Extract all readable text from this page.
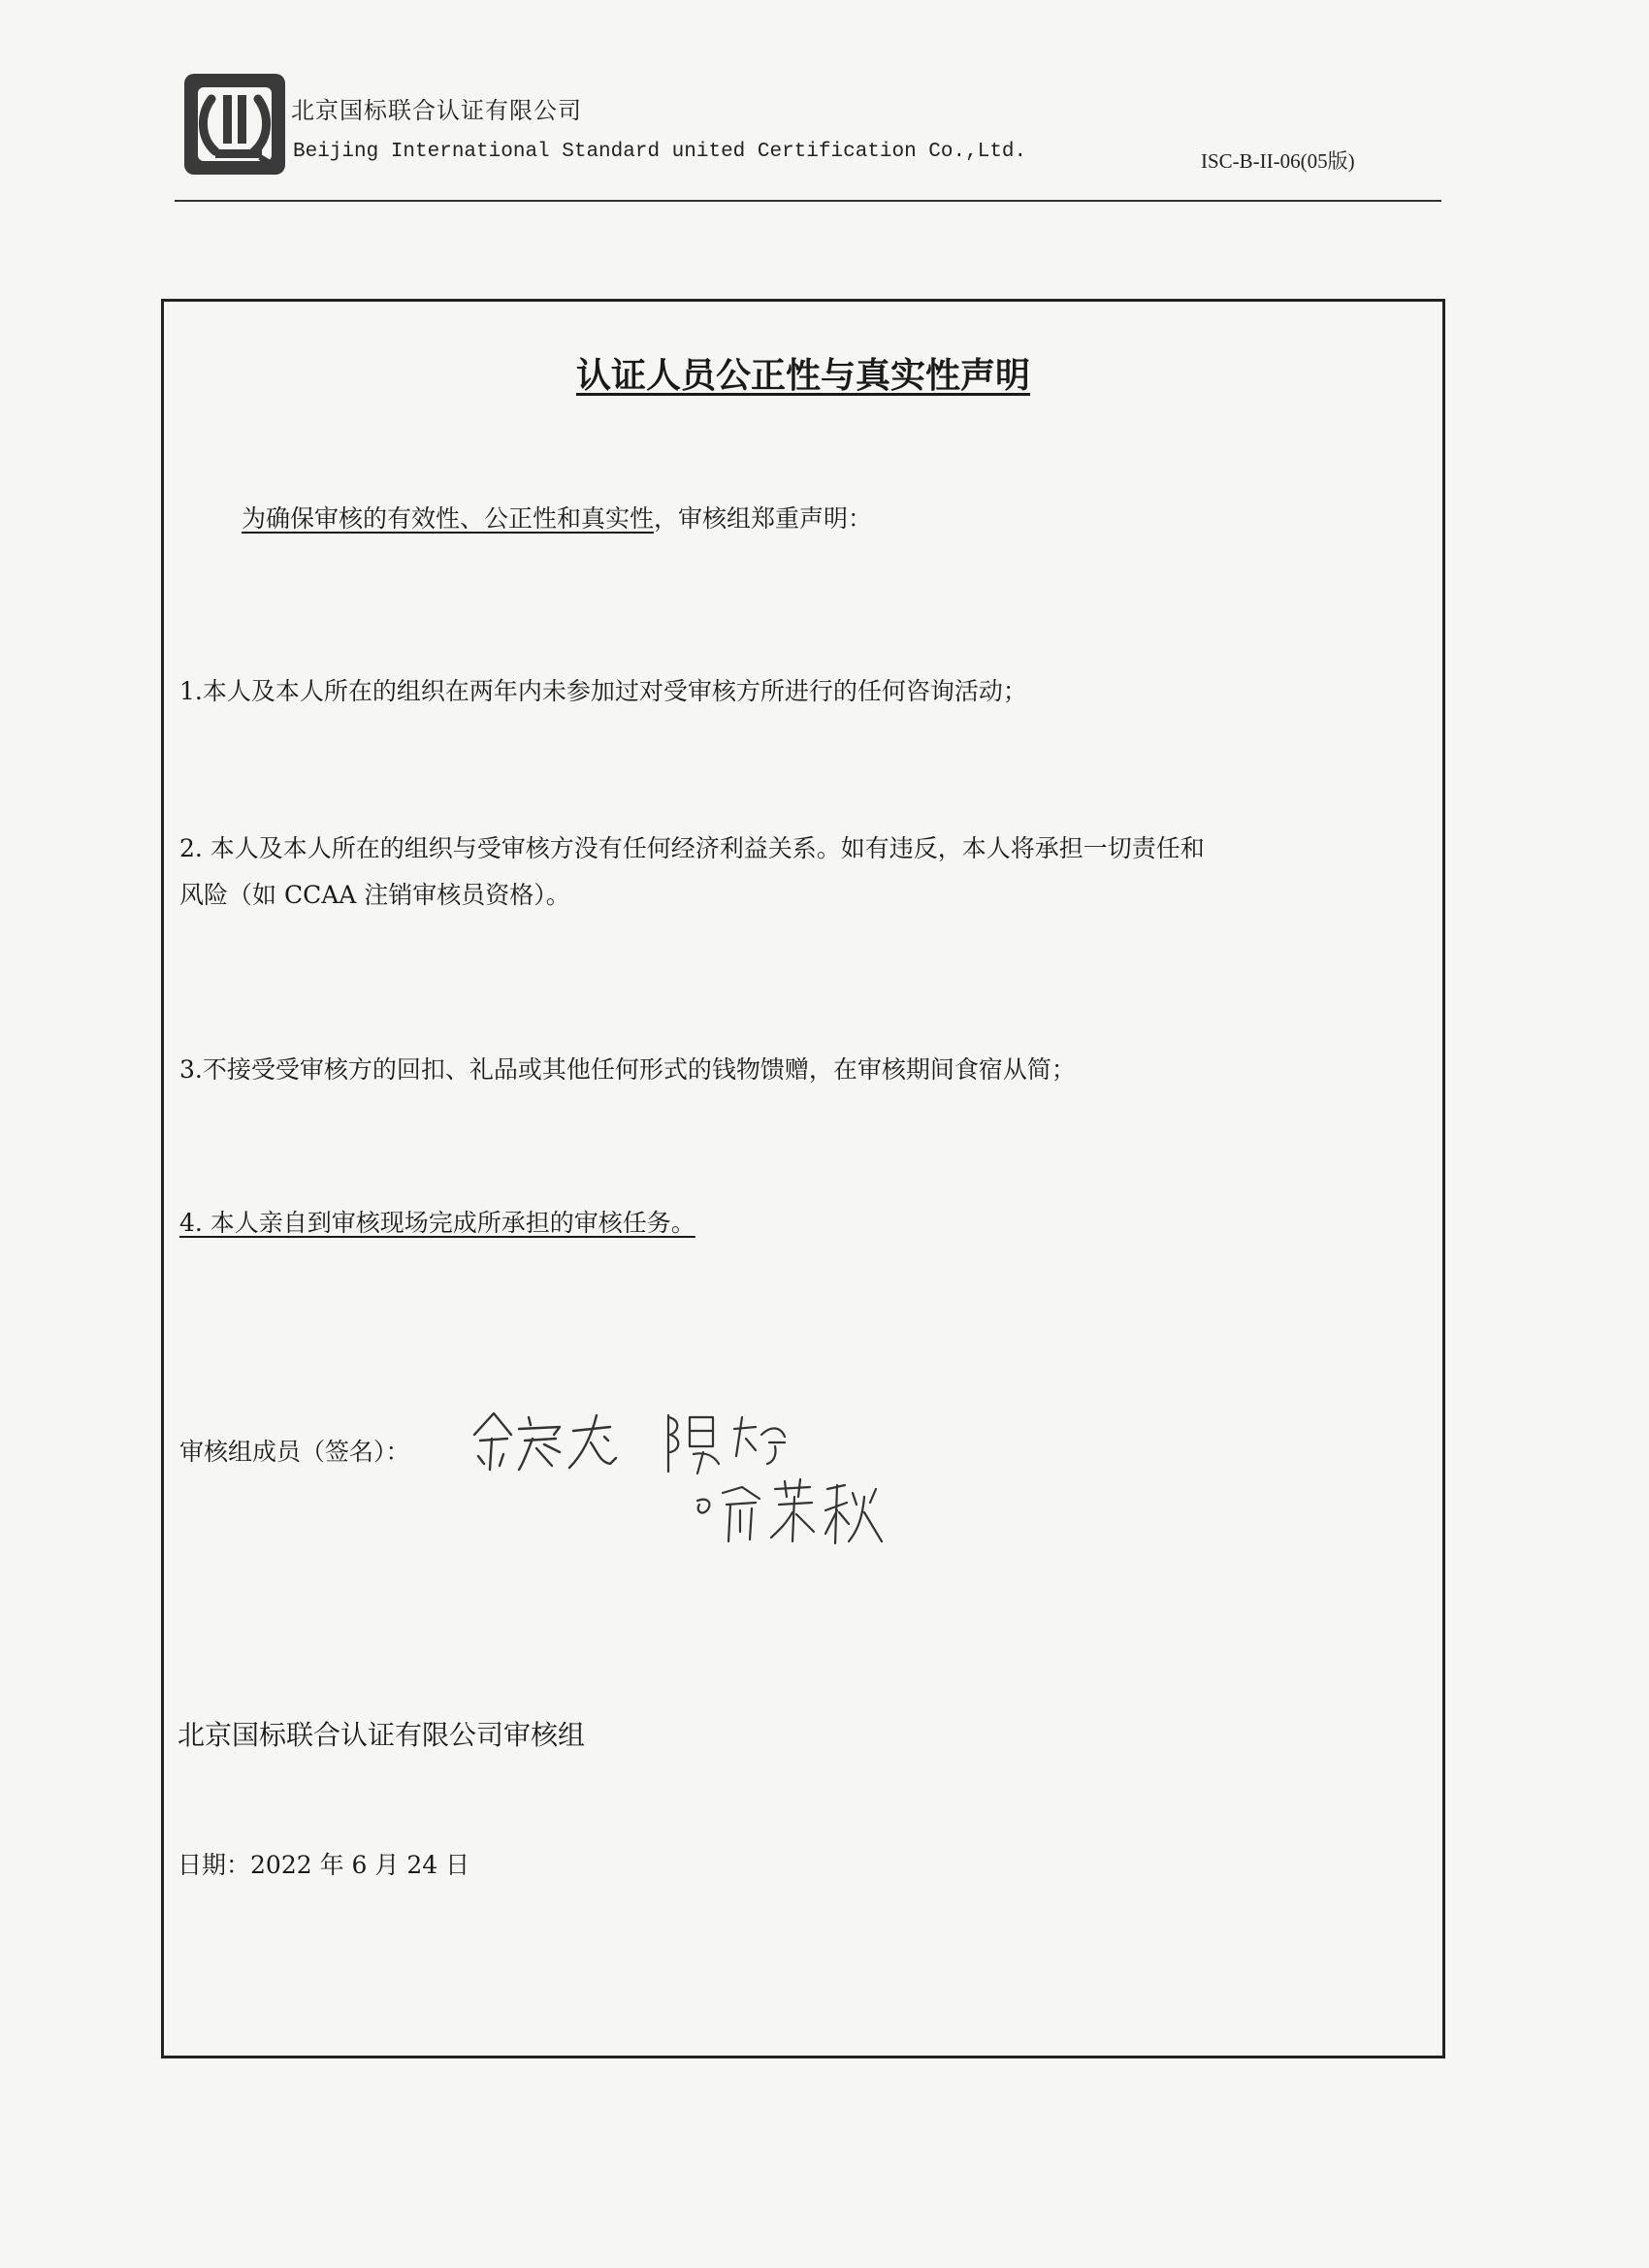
北京国标联合认证有限公司
Beijing International Standard united Certification Co.,Ltd.	ISC-B-II-06(05版)
认证人员公正性与真实性声明
为确保审核的有效性、公正性和真实性，审核组郑重声明：
1.本人及本人所在的组织在两年内未参加过对受审核方所进行的任何咨询活动；
2. 本人及本人所在的组织与受审核方没有任何经济利益关系。如有违反，本人将承担一切责任和
风险（如 CCAA 注销审核员资格）。
3.不接受受审核方的回扣、礼品或其他任何形式的钱物馈赠，在审核期间食宿从简；
4. 本人亲自到审核现场完成所承担的审核任务。
审核组成员（签名）：
北京国标联合认证有限公司审核组
日期：2022 年 6 月 24 日
